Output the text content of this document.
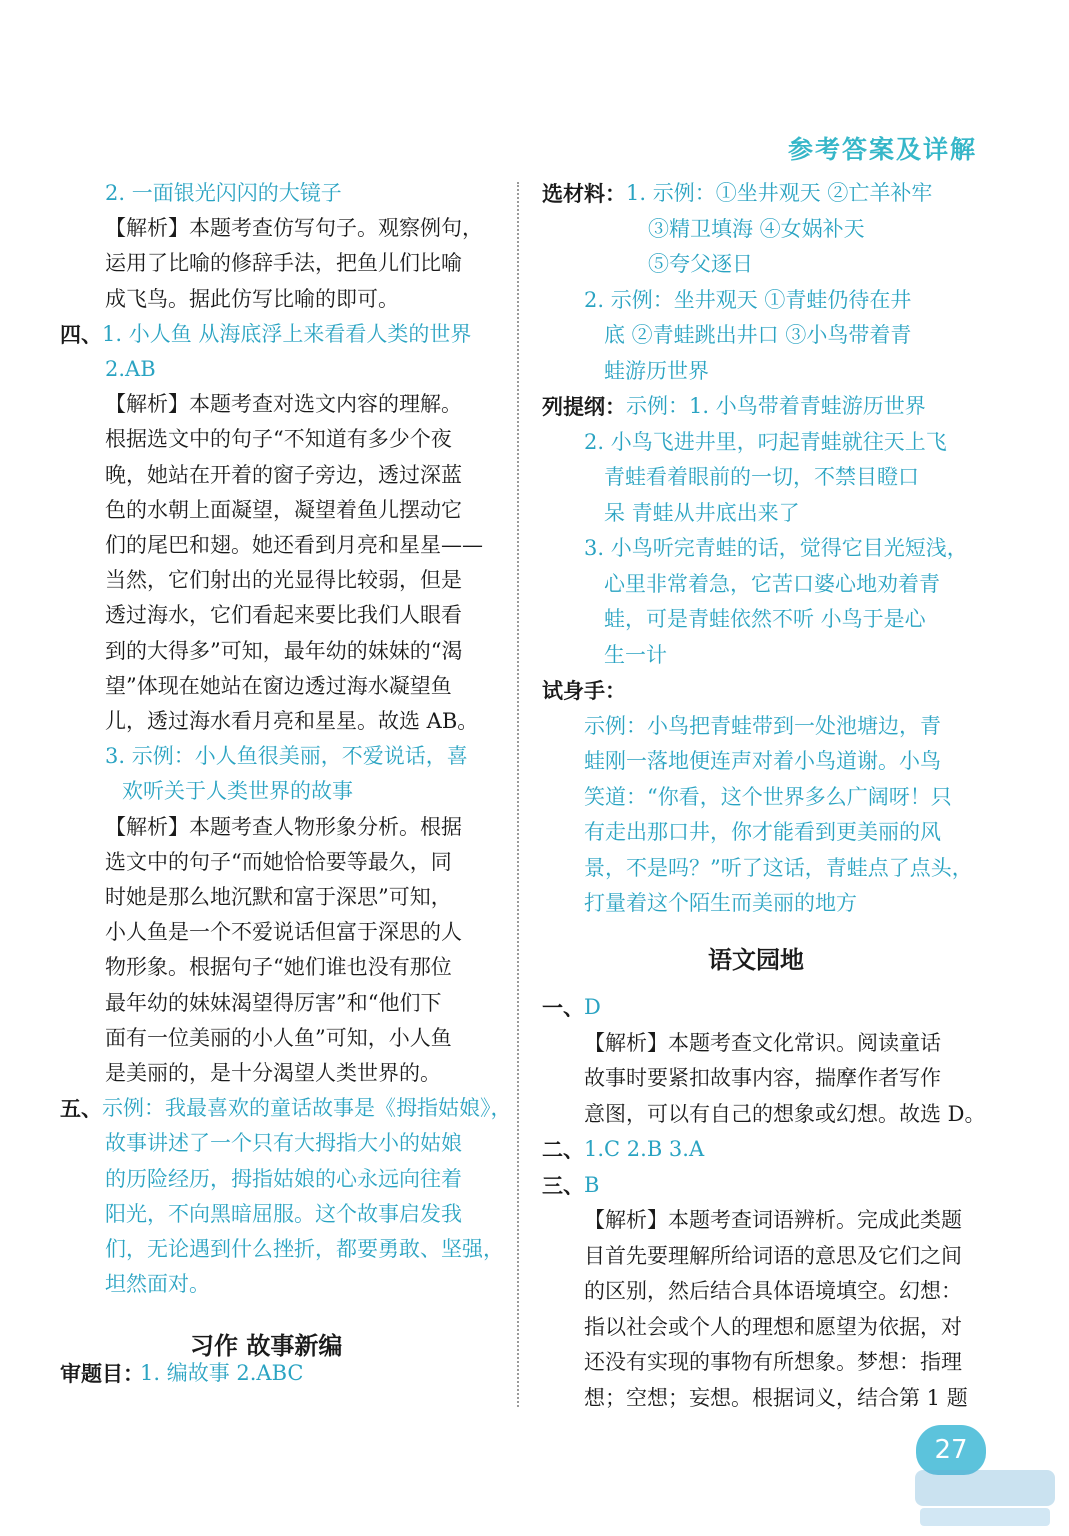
参考答案及详解
2. 一面银光闪闪的大镜子
【解析】本题考查仿写句子。观察例句，
运用了比喻的修辞手法，把鱼儿们比喻
成飞鸟。据此仿写比喻的即可。
四、 1. 小人鱼 从海底浮上来看看人类的世界
2.AB
【解析】本题考查对选文内容的理解。
根据选文中的句子“不知道有多少个夜
晚，她站在开着的窗子旁边，透过深蓝
色的水朝上面凝望，凝望着鱼儿摆动它
们的尾巴和翅。她还看到月亮和星星——
当然，它们射出的光显得比较弱，但是
透过海水，它们看起来要比我们人眼看
到的大得多”可知，最年幼的妹妹的“渴
望”体现在她站在窗边透过海水凝望鱼
儿，透过海水看月亮和星星。故选 AB。
3. 示例：小人鱼很美丽，不爱说话，喜
欢听关于人类世界的故事
【解析】本题考查人物形象分析。根据
选文中的句子“而她恰恰要等最久，同
时她是那么地沉默和富于深思”可知，
小人鱼是一个不爱说话但富于深思的人
物形象。根据句子“她们谁也没有那位
最年幼的妹妹渴望得厉害”和“他们下
面有一位美丽的小人鱼”可知，小人鱼
是美丽的，是十分渴望人类世界的。
五、 示例：我最喜欢的童话故事是《拇指姑娘》，
故事讲述了一个只有大拇指大小的姑娘
的历险经历，拇指姑娘的心永远向往着
阳光，不向黑暗屈服。这个故事启发我
们，无论遇到什么挫折，都要勇敢、坚强，
坦然面对。
选材料： 1. 示例：①坐井观天 ②亡羊补牢
③精卫填海 ④女娲补天
⑤夸父逐日
2. 示例：坐井观天 ①青蛙仍待在井
底 ②青蛙跳出井口 ③小鸟带着青
蛙游历世界
列提纲： 示例：1. 小鸟带着青蛙游历世界
2. 小鸟飞进井里，叼起青蛙就往天上飞
青蛙看着眼前的一切，不禁目瞪口
呆 青蛙从井底出来了
3. 小鸟听完青蛙的话，觉得它目光短浅，
心里非常着急，它苦口婆心地劝着青
蛙，可是青蛙依然不听 小鸟于是心
生一计
试身手：
示例：小鸟把青蛙带到一处池塘边，青
蛙刚一落地便连声对着小鸟道谢。小鸟
笑道：“你看，这个世界多么广阔呀！只
有走出那口井，你才能看到更美丽的风
景，不是吗？”听了这话，青蛙点了点头，
打量着这个陌生而美丽的地方
习作 故事新编
审题目：
1. 编故事 2.ABC
语文园地
一、 D
【解析】本题考查文化常识。阅读童话
故事时要紧扣故事内容，揣摩作者写作
意图，可以有自己的想象或幻想。故选 D。
二、 1.C 2.B 3.A
三、 B
【解析】本题考查词语辨析。完成此类题
目首先要理解所给词语的意思及它们之间
的区别，然后结合具体语境填空。幻想：
指以社会或个人的理想和愿望为依据，对
还没有实现的事物有所想象。梦想：指理
想；空想；妄想。根据词义，结合第 1 题
27
